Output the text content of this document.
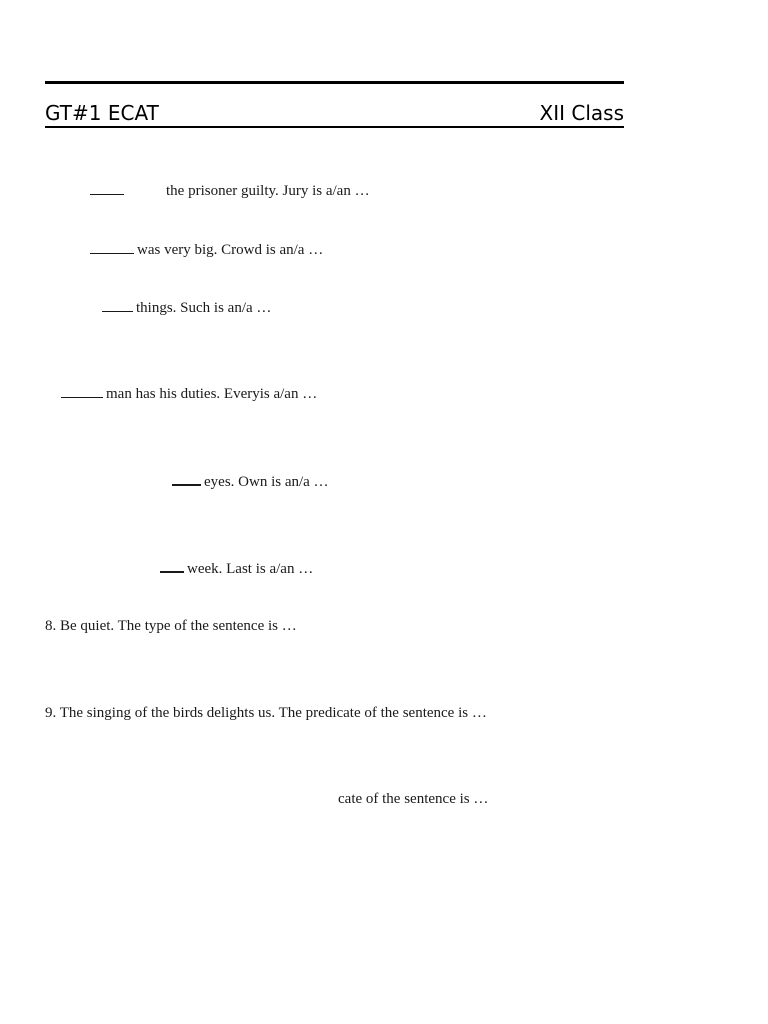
GT#1 ECAT	XII Class
the prisoner guilty. Jury is a/an …
was very big. Crowd is an/a …
things. Such is an/a …
man has his duties. Everyis a/an …
eyes. Own is an/a …
week. Last is a/an …
8. Be quiet. The type of the sentence is …
9. The singing of the birds delights us. The predicate of the sentence is …
cate of the sentence is …
